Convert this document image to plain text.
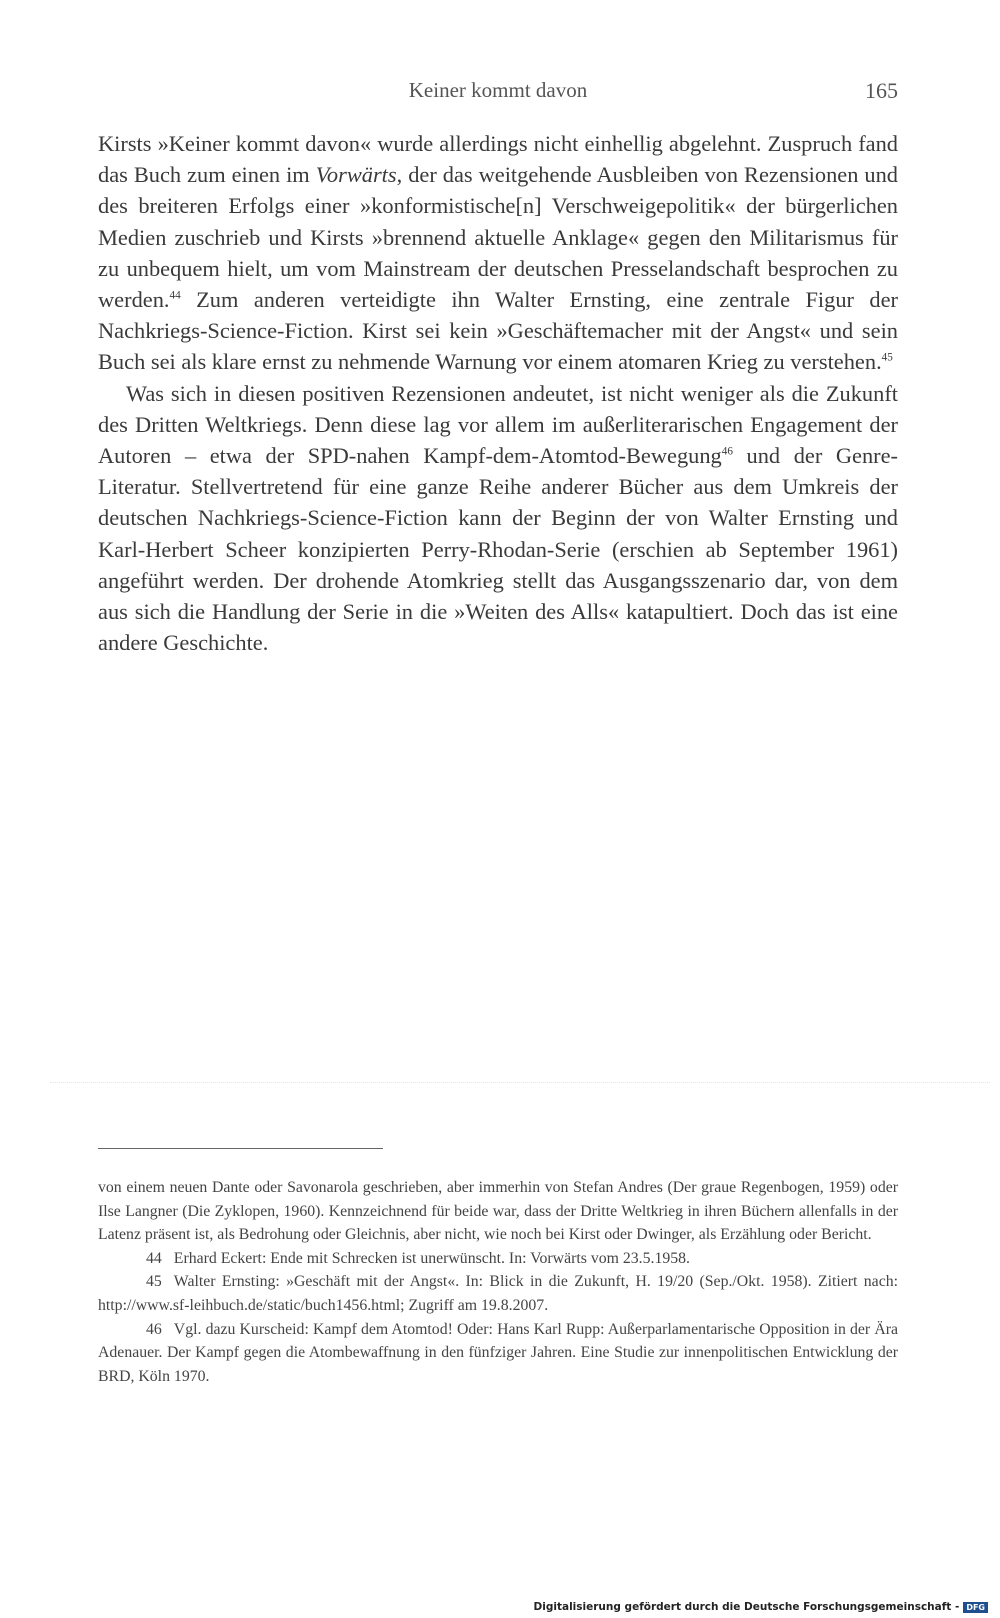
Keiner kommt davon	165

Kirsts »Keiner kommt davon« wurde allerdings nicht einhellig abgelehnt. Zuspruch fand das Buch zum einen im Vorwärts, der das weitgehende Ausbleiben von Rezensionen und des breiteren Erfolgs einer »konformistische[n] Verschweigepolitik« der bürgerlichen Medien zuschrieb und Kirsts »brennend aktuelle Anklage« gegen den Militarismus für zu unbequem hielt, um vom Mainstream der deutschen Presselandschaft besprochen zu werden.$^{44}$ Zum anderen verteidigte ihn Walter Ernsting, eine zentrale Figur der Nachkriegs-Science-Fiction. Kirst sei kein »Geschäftemacher mit der Angst« und sein Buch sei als klare ernst zu nehmende Warnung vor einem atomaren Krieg zu verstehen.$^{45}$

Was sich in diesen positiven Rezensionen andeutet, ist nicht weniger als die Zukunft des Dritten Weltkriegs. Denn diese lag vor allem im außerliterarischen Engagement der Autoren – etwa der SPD-nahen Kampf-dem-Atomtod-Bewegung$^{46}$ und der Genre-Literatur. Stellvertretend für eine ganze Reihe anderer Bücher aus dem Umkreis der deutschen Nachkriegs-Science-Fiction kann der Beginn der von Walter Ernsting und Karl-Herbert Scheer konzipierten Perry-Rhodan-Serie (erschien ab September 1961) angeführt werden. Der drohende Atomkrieg stellt das Ausgangsszenario dar, von dem aus sich die Handlung der Serie in die »Weiten des Alls« katapultiert. Doch das ist eine andere Geschichte.

von einem neuen Dante oder Savonarola geschrieben, aber immerhin von Stefan Andres (Der graue Regenbogen, 1959) oder Ilse Langner (Die Zyklopen, 1960). Kennzeichnend für beide war, dass der Dritte Weltkrieg in ihren Büchern allenfalls in der Latenz präsent ist, als Bedrohung oder Gleichnis, aber nicht, wie noch bei Kirst oder Dwinger, als Erzählung oder Bericht.

44 Erhard Eckert: Ende mit Schrecken ist unerwünscht. In: Vorwärts vom 23.5.1958.

45 Walter Ernsting: »Geschäft mit der Angst«. In: Blick in die Zukunft, H. 19/20 (Sep./Okt. 1958). Zitiert nach: http://www.sf-leihbuch.de/static/buch1456.html; Zugriff am 19.8.2007.

46 Vgl. dazu Kurscheid: Kampf dem Atomtod! Oder: Hans Karl Rupp: Außerparlamentarische Opposition in der Ära Adenauer. Der Kampf gegen die Atombewaffnung in den fünfziger Jahren. Eine Studie zur innenpolitischen Entwicklung der BRD, Köln 1970.

Digitalisierung gefördert durch die Deutsche Forschungsgemeinschaft - DFG
